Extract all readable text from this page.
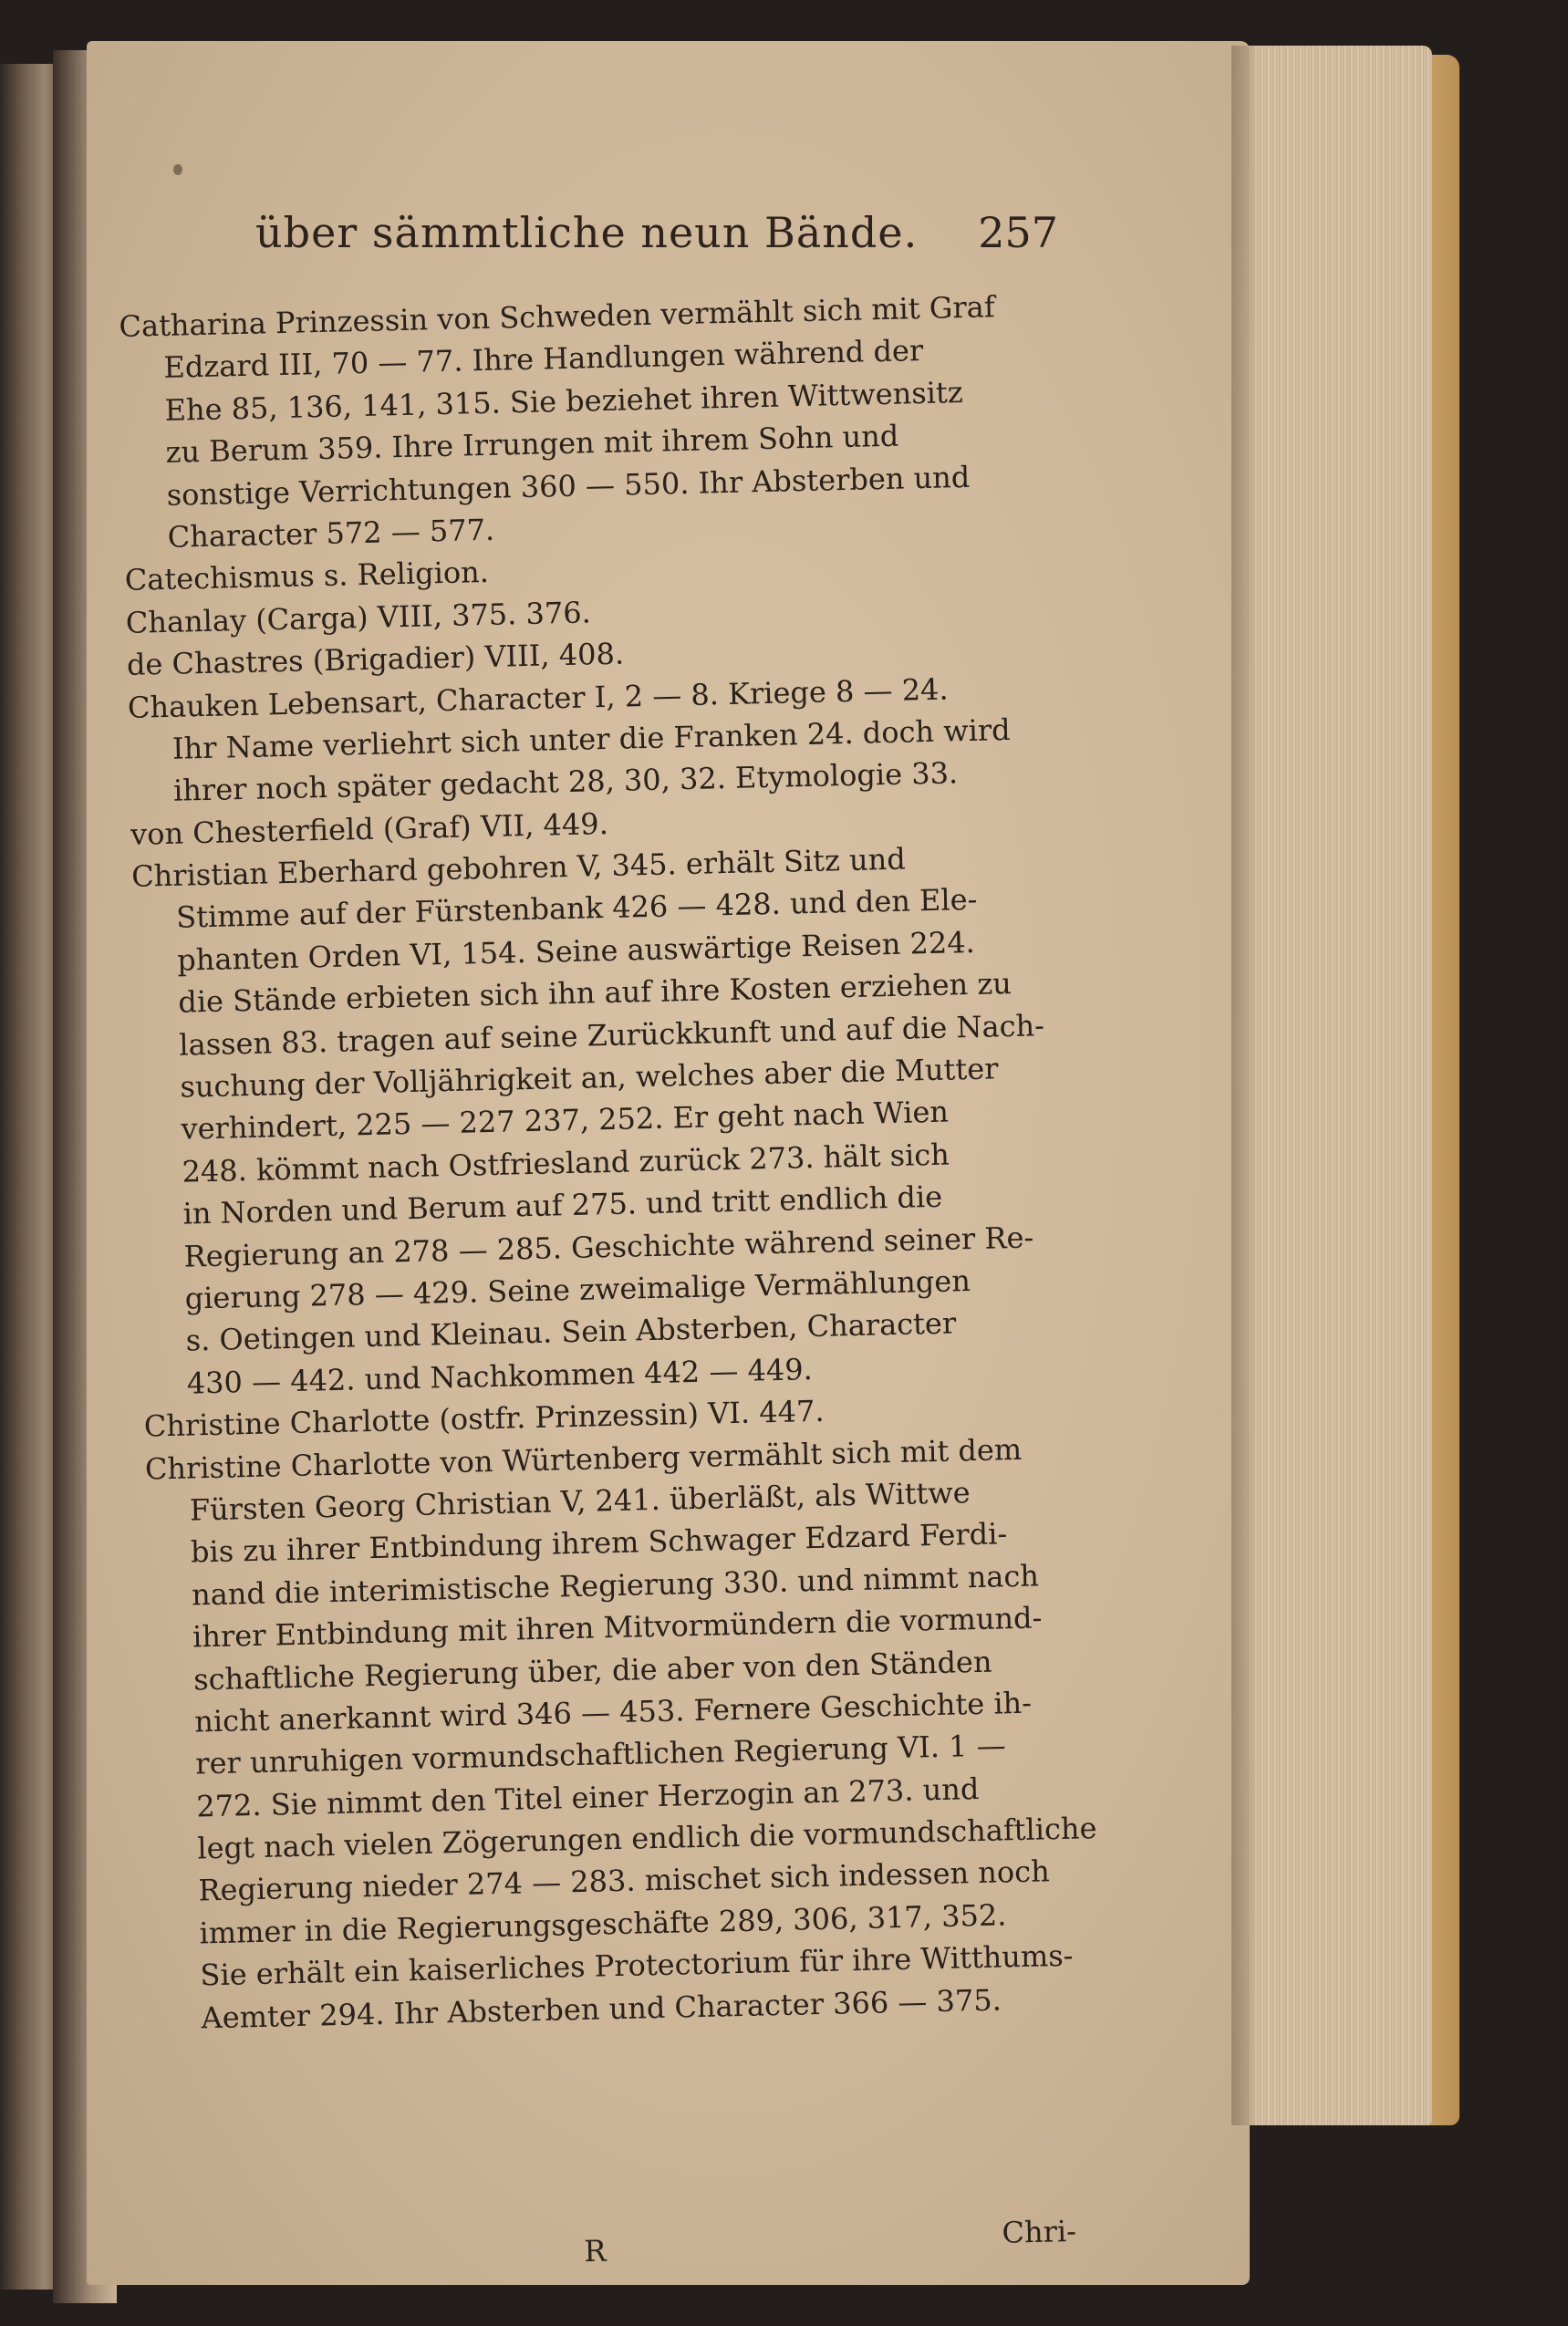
über sämmtliche neun Bände. 257
Catharina Prinzessin von Schweden vermählt sich mit Graf
Edzard III, 70 — 77. Ihre Handlungen während der
Ehe 85, 136, 141, 315. Sie beziehet ihren Wittwensitz
zu Berum 359. Ihre Irrungen mit ihrem Sohn und
sonstige Verrichtungen 360 — 550. Ihr Absterben und
Character 572 — 577.
Catechismus s. Religion.
Chanlay (Carga) VIII, 375. 376.
de Chastres (Brigadier) VIII, 408.
Chauken Lebensart, Character I, 2 — 8. Kriege 8 — 24.
Ihr Name verliehrt sich unter die Franken 24. doch wird
ihrer noch später gedacht 28, 30, 32. Etymologie 33.
von Chesterfield (Graf) VII, 449.
Christian Eberhard gebohren V, 345. erhält Sitz und
Stimme auf der Fürstenbank 426 — 428. und den Ele-
phanten Orden VI, 154. Seine auswärtige Reisen 224.
die Stände erbieten sich ihn auf ihre Kosten erziehen zu
lassen 83. tragen auf seine Zurückkunft und auf die Nach-
suchung der Volljährigkeit an, welches aber die Mutter
verhindert, 225 — 227 237, 252. Er geht nach Wien
248. kömmt nach Ostfriesland zurück 273. hält sich
in Norden und Berum auf 275. und tritt endlich die
Regierung an 278 — 285. Geschichte während seiner Re-
gierung 278 — 429. Seine zweimalige Vermählungen
s. Oetingen und Kleinau. Sein Absterben, Character
430 — 442. und Nachkommen 442 — 449.
Christine Charlotte (ostfr. Prinzessin) VI. 447.
Christine Charlotte von Würtenberg vermählt sich mit dem
Fürsten Georg Christian V, 241. überläßt, als Wittwe
bis zu ihrer Entbindung ihrem Schwager Edzard Ferdi-
nand die interimistische Regierung 330. und nimmt nach
ihrer Entbindung mit ihren Mitvormündern die vormund-
schaftliche Regierung über, die aber von den Ständen
nicht anerkannt wird 346 — 453. Fernere Geschichte ih-
rer unruhigen vormundschaftlichen Regierung VI. 1 —
272. Sie nimmt den Titel einer Herzogin an 273. und
legt nach vielen Zögerungen endlich die vormundschaftliche
Regierung nieder 274 — 283. mischet sich indessen noch
immer in die Regierungsgeschäfte 289, 306, 317, 352.
Sie erhält ein kaiserliches Protectorium für ihre Witthums-
Aemter 294. Ihr Absterben und Character 366 — 375.
R
Chri-
